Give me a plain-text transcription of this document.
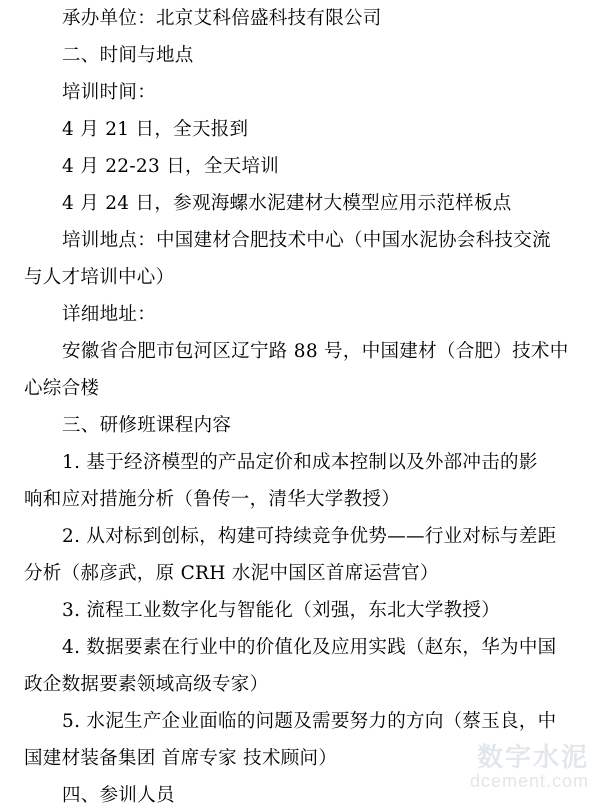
承办单位：北京艾科倍盛科技有限公司
二、时间与地点
培训时间：
4 月 21 日，全天报到
4 月 22-23 日，全天培训
4 月 24 日，参观海螺水泥建材大模型应用示范样板点
培训地点：中国建材合肥技术中心（中国水泥协会科技交流
与人才培训中心）
详细地址：
安徽省合肥市包河区辽宁路 88 号，中国建材（合肥）技术中
心综合楼
三、研修班课程内容
1. 基于经济模型的产品定价和成本控制以及外部冲击的影
响和应对措施分析（鲁传一，清华大学教授）
2. 从对标到创标，构建可持续竞争优势——行业对标与差距
分析（郝彦武，原 CRH 水泥中国区首席运营官）
3. 流程工业数字化与智能化（刘强，东北大学教授）
4. 数据要素在行业中的价值化及应用实践（赵东，华为中国
政企数据要素领域高级专家）
5. 水泥生产企业面临的问题及需要努力的方向（蔡玉良，中
国建材装备集团 首席专家 技术顾问）
四、参训人员
数字水泥
dcement.com
